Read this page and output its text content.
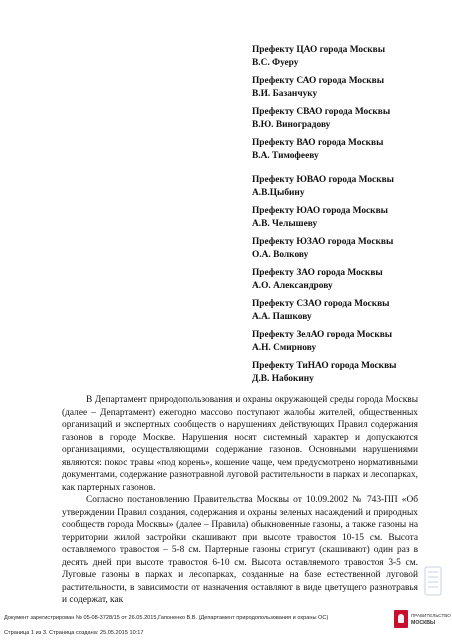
Префекту ЦАО города Москвы
В.С. Фуеру
Префекту САО города Москвы
В.И. Базанчуку
Префекту СВАО города Москвы
В.Ю. Виноградову
Префекту ВАО города Москвы
В.А. Тимофееву
Префекту ЮВАО города Москвы
А.В.Цыбину
Префекту ЮАО города Москвы
А.В. Челышеву
Префекту ЮЗАО города Москвы
О.А. Волкову
Префекту ЗАО города Москвы
А.О. Александрову
Префекту СЗАО города Москвы
А.А. Пашкову
Префекту ЗелАО города Москвы
А.Н. Смирнову
Префекту ТиНАО города Москвы
Д.В. Набокину

В Департамент природопользования и охраны окружающей среды города Москвы (далее – Департамент) ежегодно массово поступают жалобы жителей, общественных организаций и экспертных сообществ о нарушениях действующих Правил содержания газонов в городе Москве. Нарушения носят системный характер и допускаются организациями, осуществляющими содержание газонов. Основными нарушениями являются: покос травы «под корень», кошение чаще, чем предусмотрено нормативными документами, содержание разнотравной луговой растительности в парках и лесопарках, как партерных газонов.

Согласно постановлению Правительства Москвы от 10.09.2002 № 743-ПП «Об утверждении Правил создания, содержания и охраны зеленых насаждений и природных сообществ города Москвы» (далее – Правила) обыкновенные газоны, а также газоны на территории жилой застройки скашивают при высоте травостоя 10-15 см. Высота оставляемого травостоя – 5-8 см. Партерные газоны стригут (скашивают) один раз в десять дней при высоте травостоя 6-10 см. Высота оставляемого травостоя 3-5 см. Луговые газоны в парках и лесопарках, созданные на базе естественной луговой растительности, в зависимости от назначения оставляют в виде цветущего разнотравья и содержат, как

Документ зарегистрирован № 05-08-3728/15 от 26.05.2015,Гапоненко В.В. (Департамент природопользования и охраны ОС)
Страница 1 из 3. Страница создана: 25.05.2015 10:17
ПРАВИТЕЛЬСТВО
МОСКВЫ
